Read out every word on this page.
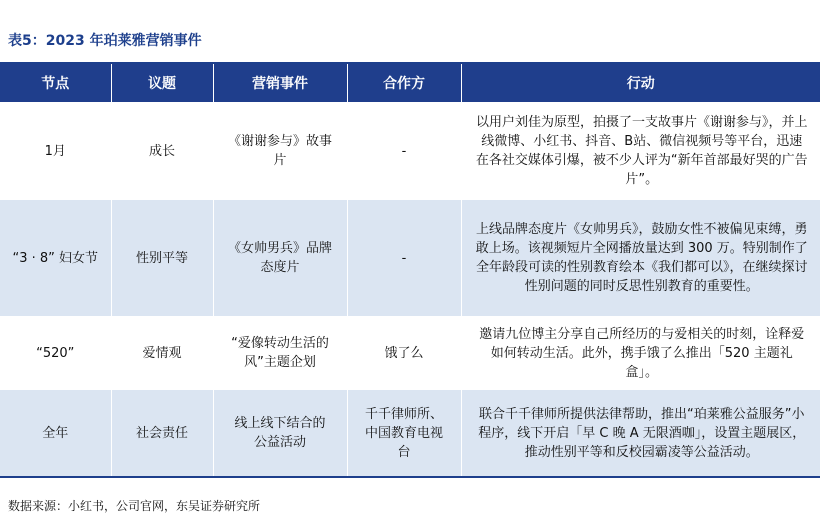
表5：2023 年珀莱雅营销事件
节点	议题	营销事件	合作方	行动
1月	成长	《谢谢参与》故事片	-	以用户刘佳为原型，拍摄了一支故事片《谢谢参与》，并上线微博、小红书、抖音、B站、微信视频号等平台，迅速在各社交媒体引爆，被不少人评为“新年首部最好哭的广告片”。
“3 · 8” 妇女节	性别平等	《女帅男兵》品牌态度片	-	上线品牌态度片《女帅男兵》，鼓励女性不被偏见束缚，勇敢上场。该视频短片全网播放量达到 300 万。特别制作了全年龄段可读的性别教育绘本《我们都可以》，在继续探讨性别问题的同时反思性别教育的重要性。
“520”	爱情观	“爱像转动生活的风”主题企划	饿了么	邀请九位博主分享自己所经历的与爱相关的时刻，诠释爱如何转动生活。此外，携手饿了么推出「520 主题礼盒」。
全年	社会责任	线上线下结合的公益活动	千千律师所、中国教育电视台	联合千千律师所提供法律帮助，推出“珀莱雅公益服务”小程序，线下开启「早 C 晚 A 无限酒咖」，设置主题展区，推动性别平等和反校园霸凌等公益活动。
数据来源：小红书，公司官网，东吴证券研究所
